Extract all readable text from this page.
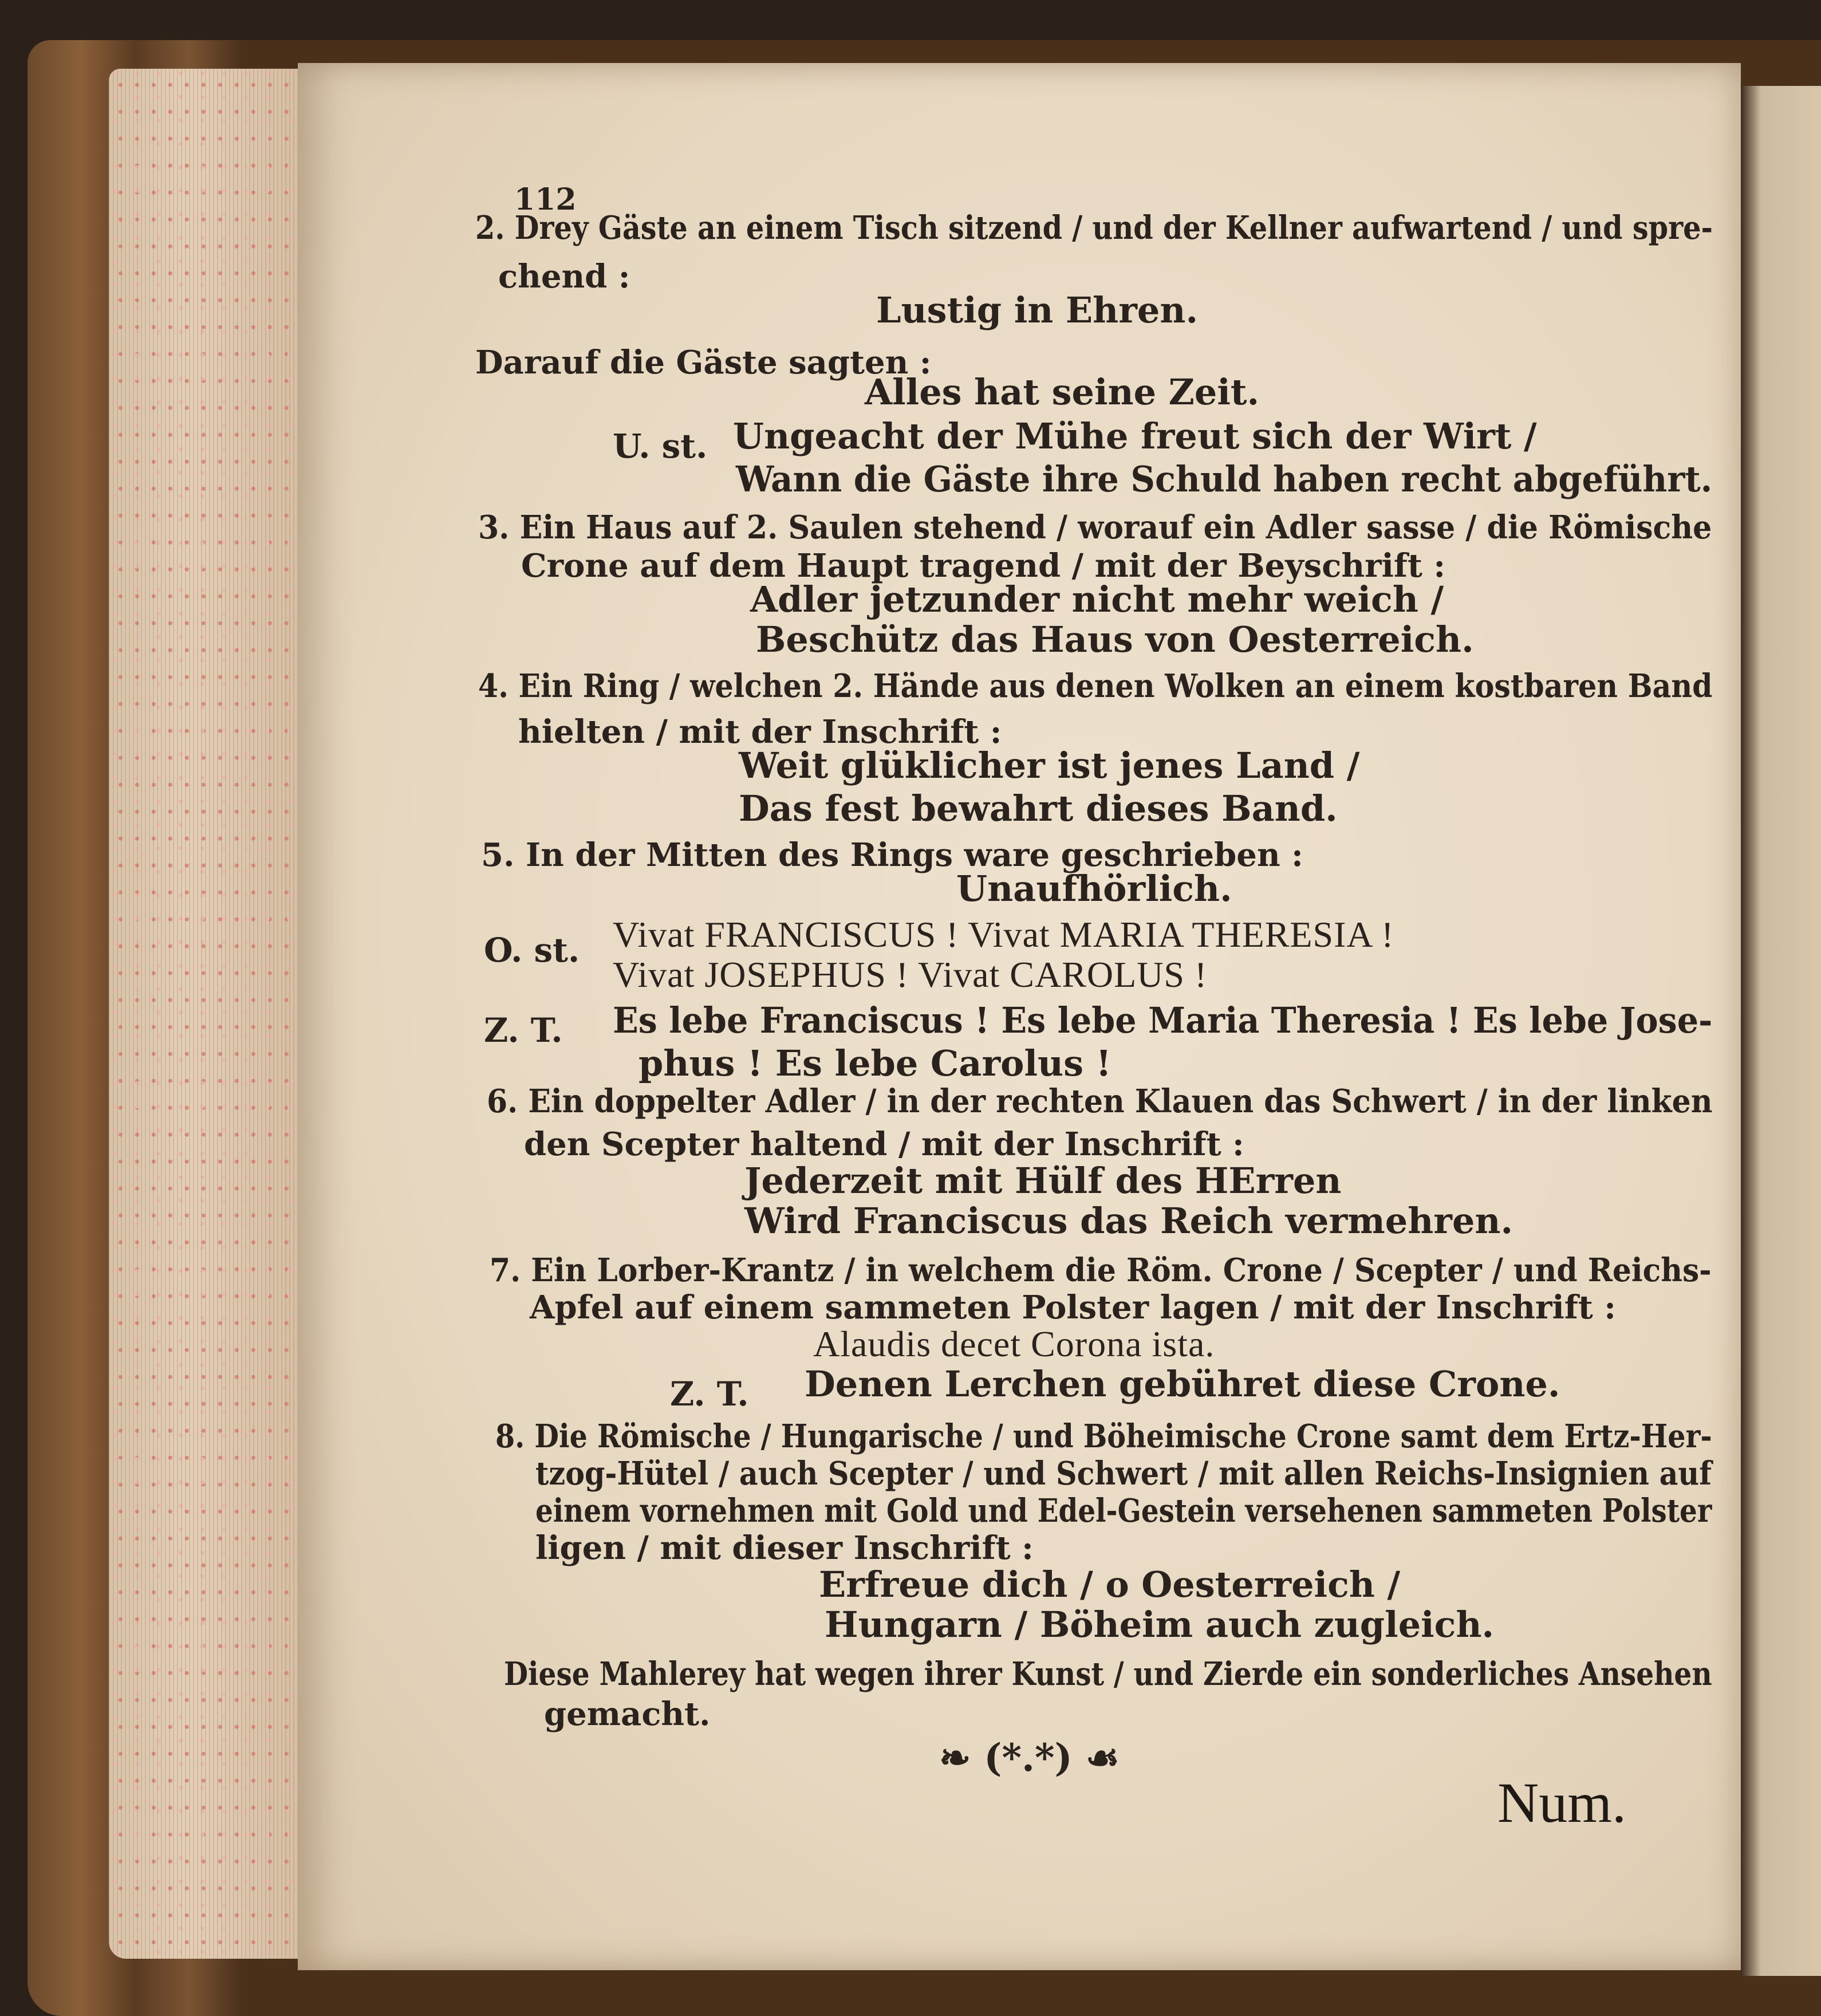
112
2. Drey Gäste an einem Tisch sitzend / und der Kellner aufwartend / und spre-
chend :
Lustig in Ehren.
Darauf die Gäste sagten :
Alles hat seine Zeit.
U. st. Ungeacht der Mühe freut sich der Wirt /
Wann die Gäste ihre Schuld haben recht abgeführt.
3. Ein Haus auf 2. Saulen stehend / worauf ein Adler sasse / die Römische
Crone auf dem Haupt tragend / mit der Beyschrift :
Adler jetzunder nicht mehr weich /
Beschütz das Haus von Oesterreich.
4. Ein Ring / welchen 2. Hände aus denen Wolken an einem kostbaren Band
hielten / mit der Inschrift :
Weit glüklicher ist jenes Land /
Das fest bewahrt dieses Band.
5. In der Mitten des Rings ware geschrieben :
Unaufhörlich.
O. st. Vivat FRANCISCUS ! Vivat MARIA THERESIA !
Vivat JOSEPHUS ! Vivat CAROLUS !
Z. T. Es lebe Franciscus ! Es lebe Maria Theresia ! Es lebe Jose-
phus ! Es lebe Carolus !
6. Ein doppelter Adler / in der rechten Klauen das Schwert / in der linken
den Scepter haltend / mit der Inschrift :
Jederzeit mit Hülf des HErren
Wird Franciscus das Reich vermehren.
7. Ein Lorber-Krantz / in welchem die Röm. Crone / Scepter / und Reichs-
Apfel auf einem sammeten Polster lagen / mit der Inschrift :
Alaudis decet Corona ista.
Z. T. Denen Lerchen gebühret diese Crone.
8. Die Römische / Hungarische / und Böheimische Crone samt dem Ertz-Her-
tzog-Hütel / auch Scepter / und Schwert / mit allen Reichs-Insignien auf
einem vornehmen mit Gold und Edel-Gestein versehenen sammeten Polster
ligen / mit dieser Inschrift :
Erfreue dich / o Oesterreich /
Hungarn / Böheim auch zugleich.
Diese Mahlerey hat wegen ihrer Kunst / und Zierde ein sonderliches Ansehen
gemacht.
❧ (*.*) ☙
Num.
